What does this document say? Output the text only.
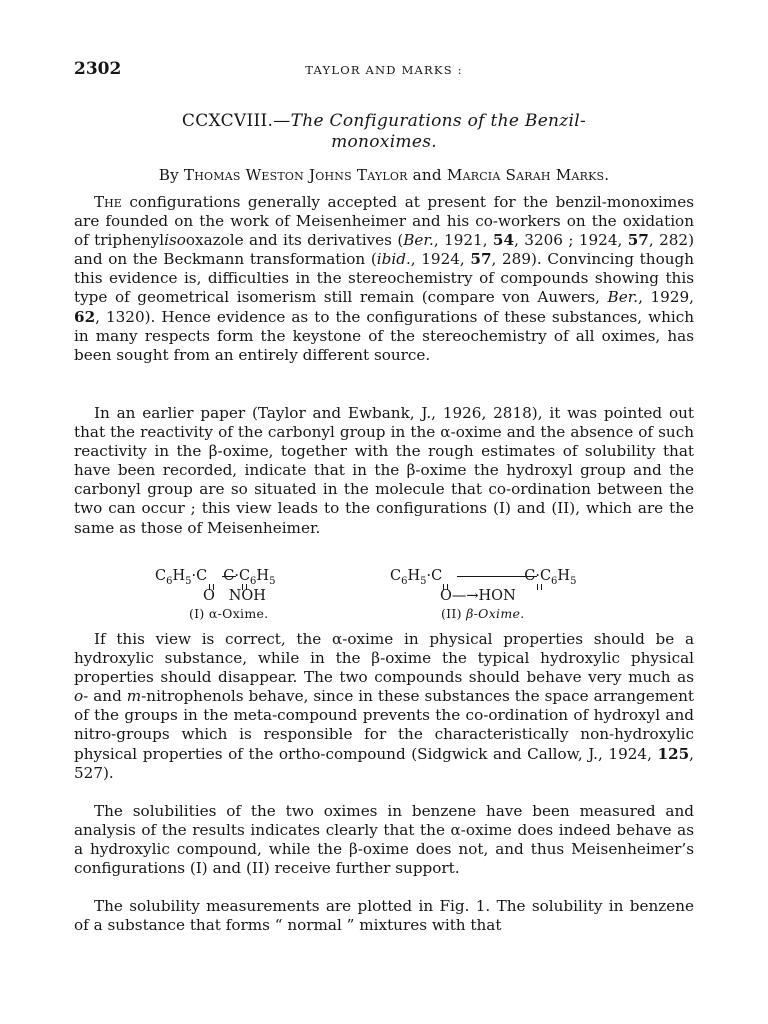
2302	TAYLOR AND MARKS :
CCXCVIII.—The Configurations of the Benzil-
monoximes.
By Thomas Weston Johns Taylor and Marcia Sarah Marks.

The configurations generally accepted at present for the benzil-monoximes are founded on the work of Meisenheimer and his co-workers on the oxidation of triphenylisooxazole and its derivatives (Ber., 1921, 54, 3206 ; 1924, 57, 282) and on the Beckmann transformation (ibid., 1924, 57, 289). Convincing though this evidence is, difficulties in the stereochemistry of compounds showing this type of geometrical isomerism still remain (compare von Auwers, Ber., 1929, 62, 1320). Hence evidence as to the configurations of these substances, which in many respects form the keystone of the stereochemistry of all oximes, has been sought from an entirely different source.

In an earlier paper (Taylor and Ewbank, J., 1926, 2818), it was pointed out that the reactivity of the carbonyl group in the α-oxime and the absence of such reactivity in the β-oxime, together with the rough estimates of solubility that have been recorded, indicate that in the β-oxime the hydroxyl group and the carbonyl group are so situated in the molecule that co-ordination between the two can occur ; this view leads to the configurations (I) and (II), which are the same as those of Meisenheimer.

$C_6H_5\cdot C$ $C\cdot C_6H_5$
O   NOH
(I) α-Oxime.
$C_6H_5\cdot C$	$C\cdot C_6H_5$
O—→HON
(II) β-Oxime.

If this view is correct, the α-oxime in physical properties should be a hydroxylic substance, while in the β-oxime the typical hydroxylic physical properties should disappear. The two compounds should behave very much as o- and m-nitrophenols behave, since in these substances the space arrangement of the groups in the meta-compound prevents the co-ordination of hydroxyl and nitro-groups which is responsible for the characteristically non-hydroxylic physical properties of the ortho-compound (Sidgwick and Callow, J., 1924, 125, 527).

The solubilities of the two oximes in benzene have been measured and analysis of the results indicates clearly that the α-oxime does indeed behave as a hydroxylic compound, while the β-oxime does not, and thus Meisenheimer’s configurations (I) and (II) receive further support.

The solubility measurements are plotted in Fig. 1. The solubility in benzene of a substance that forms “ normal ” mixtures with that
